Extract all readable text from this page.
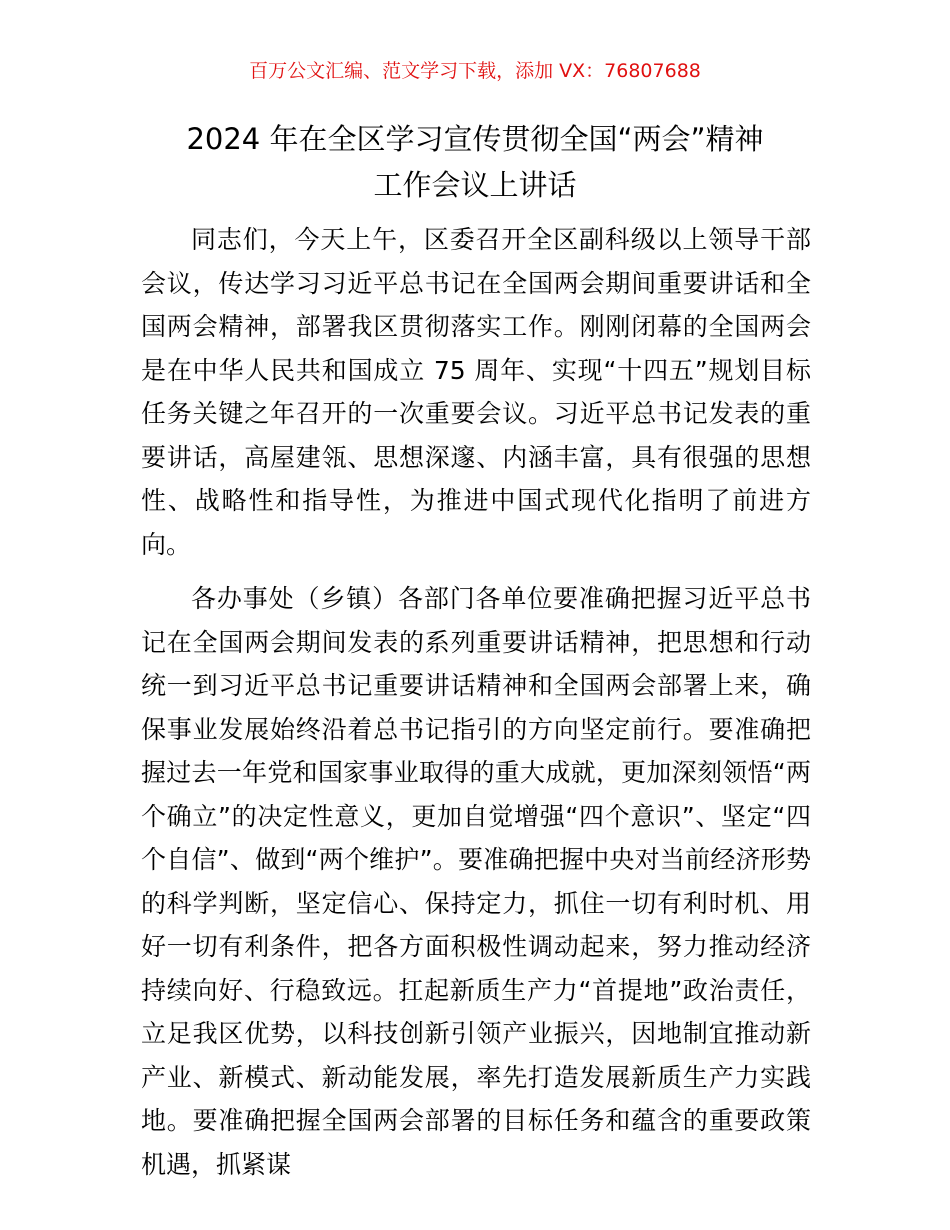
百万公文汇编、范文学习下载，添加 VX：76807688
2024 年在全区学习宣传贯彻全国“两会”精神
工作会议上讲话

同志们，今天上午，区委召开全区副科级以上领导干部会议，传达学习习近平总书记在全国两会期间重要讲话和全国两会精神，部署我区贯彻落实工作。刚刚闭幕的全国两会是在中华人民共和国成立 75 周年、实现“十四五”规划目标任务关键之年召开的一次重要会议。习近平总书记发表的重要讲话，高屋建瓴、思想深邃、内涵丰富，具有很强的思想性、战略性和指导性，为推进中国式现代化指明了前进方向。

各办事处（乡镇）各部门各单位要准确把握习近平总书记在全国两会期间发表的系列重要讲话精神，把思想和行动统一到习近平总书记重要讲话精神和全国两会部署上来，确保事业发展始终沿着总书记指引的方向坚定前行。要准确把握过去一年党和国家事业取得的重大成就，更加深刻领悟“两个确立”的决定性意义，更加自觉增强“四个意识”、坚定“四个自信”、做到“两个维护”。要准确把握中央对当前经济形势的科学判断，坚定信心、保持定力，抓住一切有利时机、用好一切有利条件，把各方面积极性调动起来，努力推动经济持续向好、行稳致远。扛起新质生产力“首提地”政治责任，立足我区优势，以科技创新引领产业振兴，因地制宜推动新产业、新模式、新动能发展，率先打造发展新质生产力实践地。要准确把握全国两会部署的目标任务和蕴含的重要政策机遇，抓紧谋
